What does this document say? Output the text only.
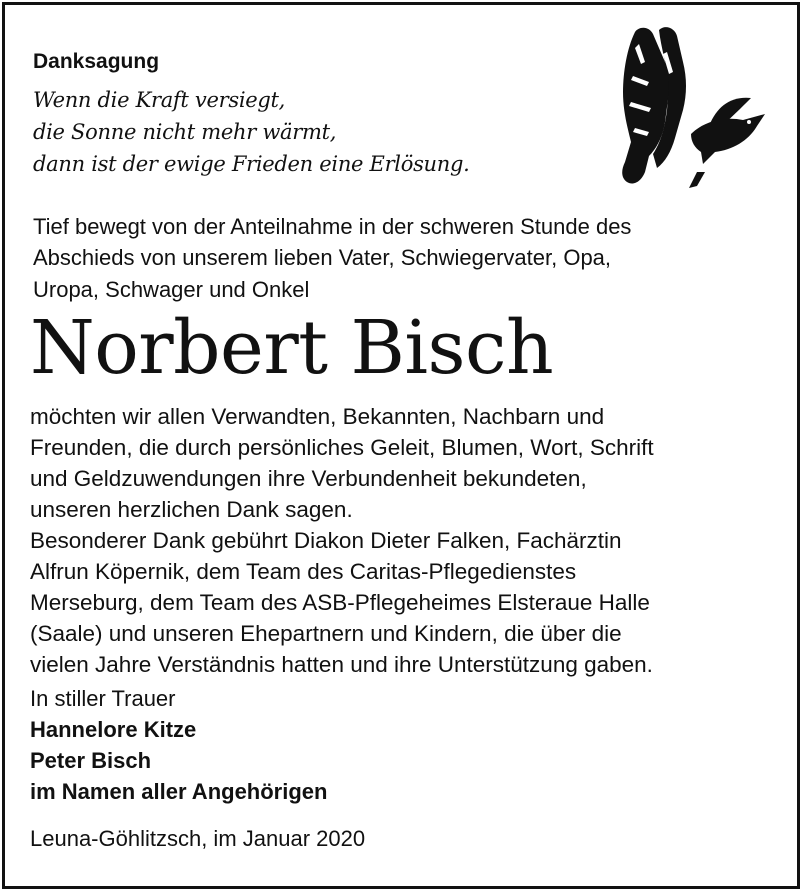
Danksagung
Wenn die Kraft versiegt,
die Sonne nicht mehr wärmt,
dann ist der ewige Frieden eine Erlösung.
Tief bewegt von der Anteilnahme in der schweren Stunde des
Abschieds von unserem lieben Vater, Schwiegervater, Opa,
Uropa, Schwager und Onkel
Norbert Bisch
möchten wir allen Verwandten, Bekannten, Nachbarn und
Freunden, die durch persönliches Geleit, Blumen, Wort, Schrift
und Geldzuwendungen ihre Verbundenheit bekundeten,
unseren herzlichen Dank sagen.
Besonderer Dank gebührt Diakon Dieter Falken, Fachärztin
Alfrun Köpernik, dem Team des Caritas-Pflegedienstes
Merseburg, dem Team des ASB-Pflegeheimes Elsteraue Halle
(Saale) und unseren Ehepartnern und Kindern, die über die
vielen Jahre Verständnis hatten und ihre Unterstützung gaben.
In stiller Trauer
Hannelore Kitze
Peter Bisch
im Namen aller Angehörigen
Leuna-Göhlitzsch, im Januar 2020
